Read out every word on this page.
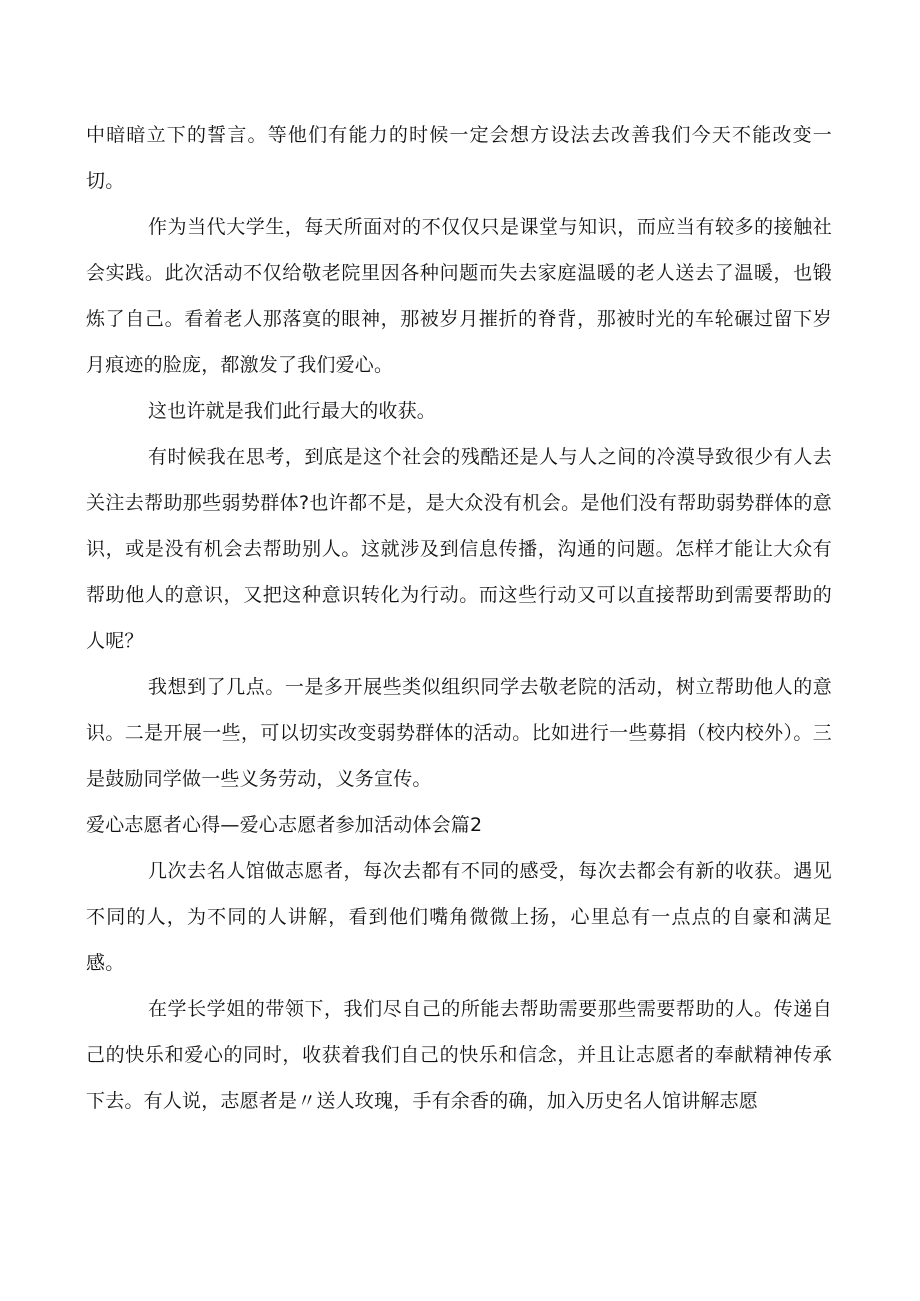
中暗暗立下的誓言。等他们有能力的时候一定会想方设法去改善我们今天不能改变一切。

作为当代大学生，每天所面对的不仅仅只是课堂与知识，而应当有较多的接触社会实践。此次活动不仅给敬老院里因各种问题而失去家庭温暖的老人送去了温暖，也锻炼了自己。看着老人那落寞的眼神，那被岁月摧折的脊背，那被时光的车轮碾过留下岁月痕迹的脸庞，都激发了我们爱心。

这也许就是我们此行最大的收获。

有时候我在思考，到底是这个社会的残酷还是人与人之间的冷漠导致很少有人去关注去帮助那些弱势群体?也许都不是，是大众没有机会。是他们没有帮助弱势群体的意识，或是没有机会去帮助别人。这就涉及到信息传播，沟通的问题。怎样才能让大众有帮助他人的意识，又把这种意识转化为行动。而这些行动又可以直接帮助到需要帮助的人呢？

我想到了几点。一是多开展些类似组织同学去敬老院的活动，树立帮助他人的意识。二是开展一些，可以切实改变弱势群体的活动。比如进行一些募捐（校内校外）。三是鼓励同学做一些义务劳动，义务宣传。

爱心志愿者心得—爱心志愿者参加活动体会篇2

几次去名人馆做志愿者，每次去都有不同的感受，每次去都会有新的收获。遇见不同的人，为不同的人讲解，看到他们嘴角微微上扬，心里总有一点点的自豪和满足感。

在学长学姐的带领下，我们尽自己的所能去帮助需要那些需要帮助的人。传递自己的快乐和爱心的同时，收获着我们自己的快乐和信念，并且让志愿者的奉献精神传承下去。有人说，志愿者是〃送人玫瑰，手有余香的确，加入历史名人馆讲解志愿
